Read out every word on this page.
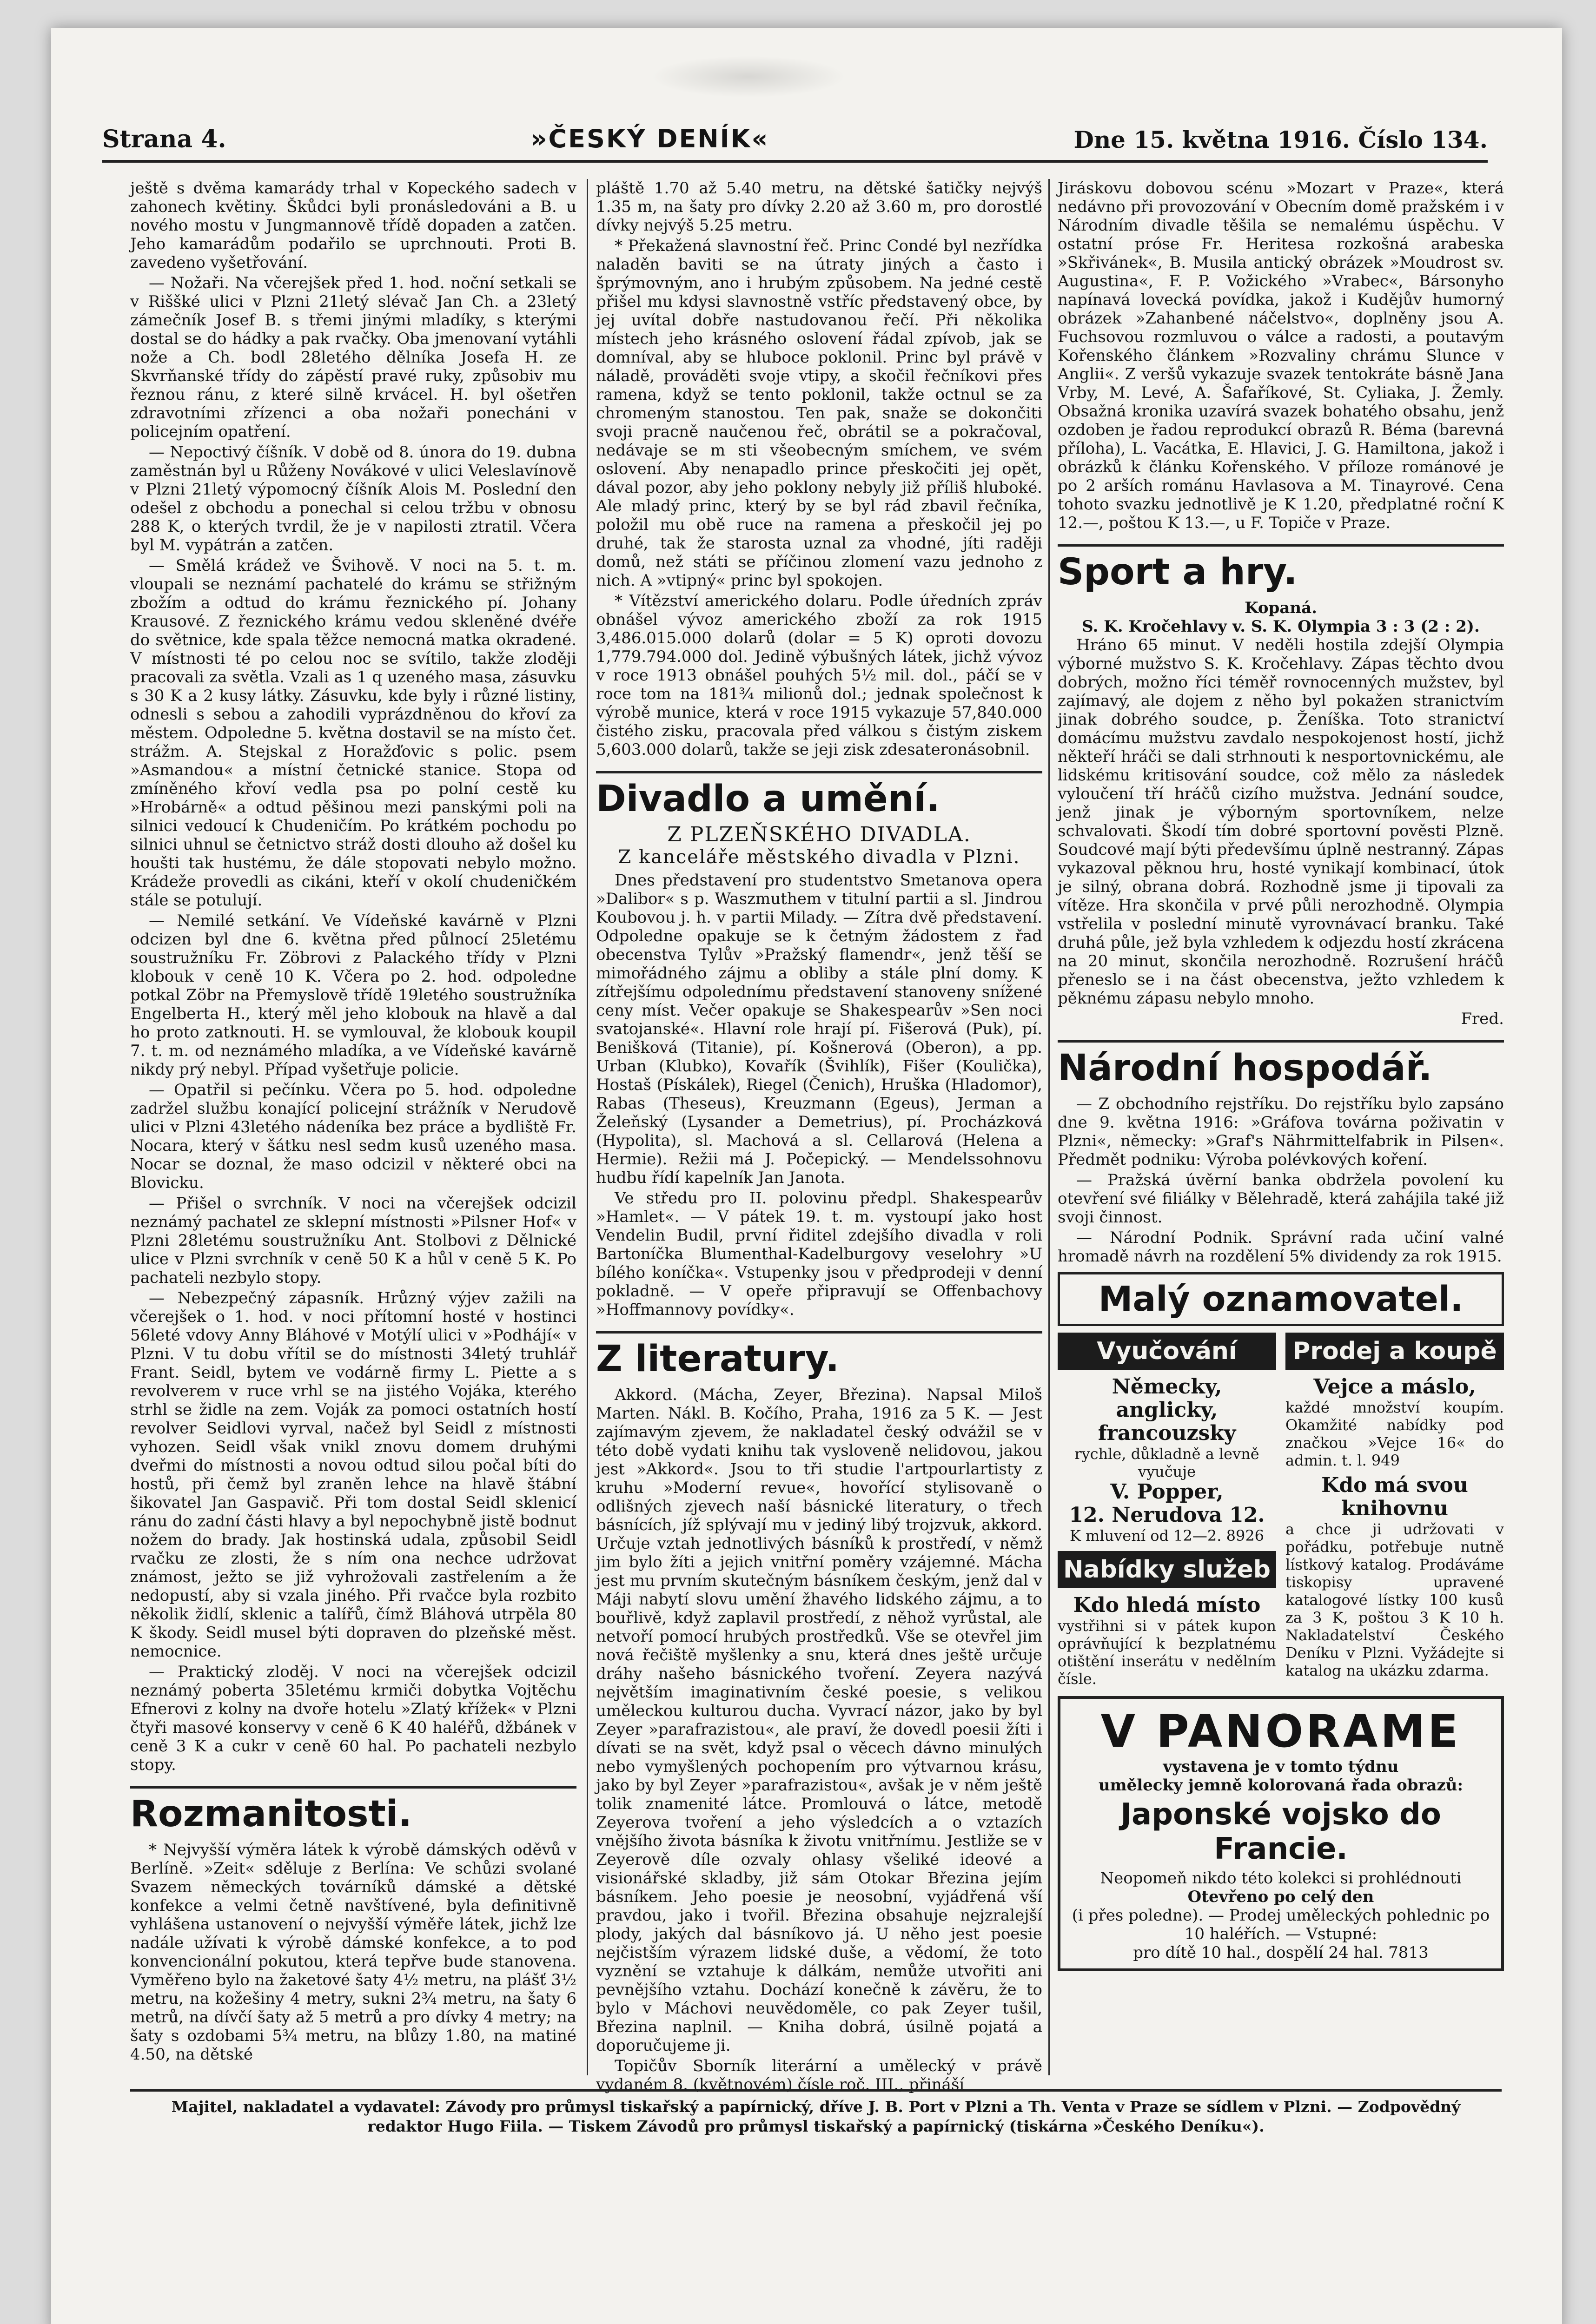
Strana 4.	»ČESKÝ DENÍK«	Dne 15. května 1916. Číslo 134.

ještě s dvěma kamarády trhal v Kopeckého sadech v zahonech květiny. Škůdci byli pronásledováni a B. u nového mostu v Jungmannově třídě dopaden a zatčen. Jeho kamarádům podařilo se uprchnouti. Proti B. zavedeno vyšetřování.

— Nožaři. Na včerejšek před 1. hod. noční setkali se v Riššké ulici v Plzni 21letý slévač Jan Ch. a 23letý zámečník Josef B. s třemi jinými mladíky, s kterými dostal se do hádky a pak rvačky. Oba jmenovaní vytáhli nože a Ch. bodl 28letého dělníka Josefa H. ze Skvrňanské třídy do zápěstí pravé ruky, způsobiv mu řeznou ránu, z které silně krvácel. H. byl ošetřen zdravotními zřízenci a oba nožaři ponecháni v policejním opatření.

— Nepoctivý číšník. V době od 8. února do 19. dubna zaměstnán byl u Růženy Novákové v ulici Veleslavínově v Plzni 21letý výpomocný číšník Alois M. Poslední den odešel z obchodu a ponechal si celou tržbu v obnosu 288 K, o kterých tvrdil, že je v napilosti ztratil. Včera byl M. vypátrán a zatčen.

— Smělá krádež ve Švihově. V noci na 5. t. m. vloupali se neznámí pachatelé do krámu se střižným zbožím a odtud do krámu řeznického pí. Johany Krausové. Z řeznického krámu vedou skleněné dvéře do světnice, kde spala těžce nemocná matka okradené. V místnosti té po celou noc se svítilo, takže zloději pracovali za světla. Vzali as 1 q uzeného masa, zásuvku s 30 K a 2 kusy látky. Zásuvku, kde byly i různé listiny, odnesli s sebou a zahodili vyprázdněnou do křoví za městem. Odpoledne 5. května dostavil se na místo čet. strážm. A. Stejskal z Horažďovic s polic. psem »Asmandou« a místní četnické stanice. Stopa od zmíněného křoví vedla psa po polní cestě ku »Hrobárně« a odtud pěšinou mezi panskými poli na silnici vedoucí k Chudeničím. Po krátkém pochodu po silnici uhnul se četnictvo stráž dosti dlouho až došel ku houšti tak hustému, že dále stopovati nebylo možno. Krádeže provedli as cikáni, kteří v okolí chudeničkém stále se potulují.

— Nemilé setkání. Ve Vídeňské kavárně v Plzni odcizen byl dne 6. května před půlnocí 25letému soustružníku Fr. Zöbrovi z Palackého třídy v Plzni klobouk v ceně 10 K. Včera po 2. hod. odpoledne potkal Zöbr na Přemyslově třídě 19letého soustružníka Engelberta H., který měl jeho klobouk na hlavě a dal ho proto zatknouti. H. se vymlouval, že klobouk koupil 7. t. m. od neznámého mladíka, a ve Vídeňské kavárně nikdy prý nebyl. Případ vyšetřuje policie.

— Opatřil si pečínku. Včera po 5. hod. odpoledne zadržel službu konající policejní strážník v Nerudově ulici v Plzni 43letého nádeníka bez práce a bydliště Fr. Nocara, který v šátku nesl sedm kusů uzeného masa. Nocar se doznal, že maso odcizil v některé obci na Blovicku.

— Přišel o svrchník. V noci na včerejšek odcizil neznámý pachatel ze sklepní místnosti »Pilsner Hof« v Plzni 28letému soustružníku Ant. Stolbovi z Dělnické ulice v Plzni svrchník v ceně 50 K a hůl v ceně 5 K. Po pachateli nezbylo stopy.

— Nebezpečný zápasník. Hrůzný výjev zažili na včerejšek o 1. hod. v noci přítomní hosté v hostinci 56leté vdovy Anny Bláhové v Motýlí ulici v »Podhájí« v Plzni. V tu dobu vřítil se do místnosti 34letý truhlář Frant. Seidl, bytem ve vodárně firmy L. Piette a s revolverem v ruce vrhl se na jistého Vojáka, kterého strhl se židle na zem. Voják za pomoci ostatních hostí revolver Seidlovi vyrval, načež byl Seidl z místnosti vyhozen. Seidl však vnikl znovu domem druhými dveřmi do místnosti a novou odtud silou počal bíti do hostů, při čemž byl zraněn lehce na hlavě štábní šikovatel Jan Gaspavič. Při tom dostal Seidl sklenicí ránu do zadní části hlavy a byl nepochybně jistě bodnut nožem do brady. Jak hostinská udala, způsobil Seidl rvačku ze zlosti, že s ním ona nechce udržovat známost, ježto se již vyhrožovali zastřelením a že nedopustí, aby si vzala jiného. Při rvačce byla rozbito několik židlí, sklenic a talířů, čímž Bláhová utrpěla 80 K škody. Seidl musel býti dopraven do plzeňské měst. nemocnice.

— Praktický zloděj. V noci na včerejšek odcizil neznámý poberta 35letému krmiči dobytka Vojtěchu Efnerovi z kolny na dvoře hotelu »Zlatý křížek« v Plzni čtyři masové konservy v ceně 6 K 40 haléřů, džbánek v ceně 3 K a cukr v ceně 60 hal. Po pachateli nezbylo stopy.

Rozmanitosti.

* Nejvyšší výměra látek k výrobě dámských oděvů v Berlíně. »Zeit« sděluje z Berlína: Ve schůzi svolané Svazem německých továrníků dámské a dětské konfekce a velmi četně navštívené, byla definitivně vyhlášena ustanovení o nejvyšší výměře látek, jichž lze nadále užívati k výrobě dámské konfekce, a to pod konvencionální pokutou, která tepřve bude stanovena. Vyměřeno bylo na žaketové šaty 4½ metru, na plášť 3½ metru, na kožešiny 4 metry, sukni 2¾ metru, na šaty 6 metrů, na dívčí šaty až 5 metrů a pro dívky 4 metry; na šaty s ozdobami 5¾ metru, na blůzy 1.80, na matiné 4.50, na dětské

pláště 1.70 až 5.40 metru, na dětské šatičky nejvýš 1.35 m, na šaty pro dívky 2.20 až 3.60 m, pro dorostlé dívky nejvýš 5.25 metru.

* Překažená slavnostní řeč. Princ Condé byl nezřídka naladěn baviti se na útraty jiných a často i šprýmovným, ano i hrubým způsobem. Na jedné cestě přišel mu kdysi slavnostně vstříc představený obce, by jej uvítal dobře nastudovanou řečí. Při několika místech jeho krásného oslovení řádal zpívob, jak se domníval, aby se hluboce poklonil. Princ byl právě v náladě, prováděti svoje vtipy, a skočil řečníkovi přes ramena, když se tento poklonil, takže octnul se za chromeným stanostou. Ten pak, snaže se dokončiti svoji pracně naučenou řeč, obrátil se a pokračoval, nedávaje se m sti všeobecným smíchem, ve svém oslovení. Aby nenapadlo prince přeskočiti jej opět, dával pozor, aby jeho poklony nebyly již příliš hluboké. Ale mladý princ, který by se byl rád zbavil řečníka, položil mu obě ruce na ramena a přeskočil jej po druhé, tak že starosta uznal za vhodné, jíti raději domů, než státi se příčinou zlomení vazu jednoho z nich. A »vtipný« princ byl spokojen.

* Vítězství amerického dolaru. Podle úředních zpráv obnášel vývoz amerického zboží za rok 1915 3,486.015.000 dolarů (dolar = 5 K) oproti dovozu 1,779.794.000 dol. Jedině výbušných látek, jichž vývoz v roce 1913 obnášel pouhých 5½ mil. dol., páčí se v roce tom na 181¾ milionů dol.; jednak společnost k výrobě munice, která v roce 1915 vykazuje 57,840.000 čistého zisku, pracovala před válkou s čistým ziskem 5,603.000 dolarů, takže se jeji zisk zdesateronásobnil.

Divadlo a umění.
Z PLZEŇSKÉHO DIVADLA.
Z kanceláře městského divadla v Plzni.

Dnes představení pro studentstvo Smetanova opera »Dalibor« s p. Waszmuthem v titulní partii a sl. Jindrou Koubovou j. h. v partii Milady. — Zítra dvě představení. Odpoledne opakuje se k četným žádostem z řad obecenstva Tylův »Pražský flamendr«, jenž těší se mimořádného zájmu a obliby a stále plní domy. K zítřejšímu odpolednímu představení stanoveny snížené ceny míst. Večer opakuje se Shakespearův »Sen noci svatojanské«. Hlavní role hrají pí. Fišerová (Puk), pí. Benišková (Titanie), pí. Košnerová (Oberon), a pp. Urban (Klubko), Kovařík (Švihlík), Fišer (Koulička), Hostaš (Pískálek), Riegel (Čenich), Hruška (Hladomor), Rabas (Theseus), Kreuzmann (Egeus), Jerman a Želeňský (Lysander a Demetrius), pí. Procházková (Hypolita), sl. Machová a sl. Cellarová (Helena a Hermie). Režii má J. Počepický. — Mendelssohnovu hudbu řídí kapelník Jan Janota.

Ve středu pro II. polovinu předpl. Shakespearův »Hamlet«. — V pátek 19. t. m. vystoupí jako host Vendelin Budil, první řiditel zdejšího divadla v roli Bartoníčka Blumenthal-Kadelburgovy veselohry »U bílého koníčka«. Vstupenky jsou v předprodeji v denní pokladně. — V opeře připravují se Offenbachovy »Hoffmannovy povídky«.

Z literatury.

Akkord. (Mácha, Zeyer, Březina). Napsal Miloš Marten. Nákl. B. Kočího, Praha, 1916 za 5 K. — Jest zajímavým zjevem, že nakladatel český odvážil se v této době vydati knihu tak vysloveně nelidovou, jakou jest »Akkord«. Jsou to tři studie l'artpourlartisty z kruhu »Moderní revue«, hovořící stylisovaně o odlišných zjevech naší básnické literatury, o třech básnících, jíž splývají mu v jediný libý trojzvuk, akkord. Určuje vztah jednotlivých básníků k prostředí, v němž jim bylo žíti a jejich vnitřní poměry vzájemné. Mácha jest mu prvním skutečným básníkem českým, jenž dal v Máji nabytí slovu umění žhavého lidského zájmu, a to bouřlivě, když zaplavil prostředí, z něhož vyrůstal, ale netvoří pomocí hrubých prostředků. Vše se otevřel jim nová řečiště myšlenky a snu, která dnes ještě určuje dráhy našeho básnického tvoření. Zeyera nazývá největším imaginativním české poesie, s velikou uměleckou kulturou ducha. Vyvrací názor, jako by byl Zeyer »parafrazistou«, ale praví, že dovedl poesii žíti i dívati se na svět, když psal o věcech dávno minulých nebo vymyšlených pochopením pro výtvarnou krásu, jako by byl Zeyer »parafrazistou«, avšak je v něm ještě tolik znamenité látce. Promlouvá o látce, metodě Zeyerova tvoření a jeho výsledcích a o vztazích vnějšího života básníka k životu vnitřnímu. Jestliže se v Zeyerově díle ozvaly ohlasy všeliké ideové a visionářské skladby, již sám Otokar Březina jejím básníkem. Jeho poesie je neosobní, vyjádřená vší pravdou, jako i tvořil. Březina obsahuje nejzralejší plody, jakých dal básníkovo já. U něho jest poesie nejčistším výrazem lidské duše, a vědomí, že toto vyznění se vztahuje k dálkám, nemůže utvořiti ani pevnějšího vztahu. Dochází konečně k závěru, že to bylo v Máchovi neuvědoměle, co pak Zeyer tušil, Březina naplnil. — Kniha dobrá, úsilně pojatá a doporučujeme ji.

Topičův Sborník literární a umělecký v právě vydaném 8. (květnovém) čísle roč. III., přináší

Jiráskovu dobovou scénu »Mozart v Praze«, která nedávno při provozování v Obecním domě pražském i v Národním divadle těšila se nemalému úspěchu. V ostatní próse Fr. Heritesa rozkošná arabeska »Skřivánek«, B. Musila antický obrázek »Moudrost sv. Augustina«, F. P. Vožického »Vrabec«, Bársonyho napínavá lovecká povídka, jakož i Kudějův humorný obrázek »Zahanbené náčelstvo«, doplněny jsou A. Fuchsovou rozmluvou o válce a radosti, a poutavým Kořenského článkem »Rozvaliny chrámu Slunce v Anglii«. Z veršů vykazuje svazek tentokráte básně Jana Vrby, M. Levé, A. Šafaříkové, St. Cyliaka, J. Žemly. Obsažná kronika uzavírá svazek bohatého obsahu, jenž ozdoben je řadou reprodukcí obrazů R. Béma (barevná příloha), L. Vacátka, E. Hlavici, J. G. Hamiltona, jakož i obrázků k článku Kořenského. V příloze románové je po 2 arších románu Havlasova a M. Tinayrové. Cena tohoto svazku jednotlivě je K 1.20, předplatné roční K 12.—, poštou K 13.—, u F. Topiče v Praze.

Sport a hry.
Kopaná.
S. K. Kročehlavy v. S. K. Olympia 3 : 3 (2 : 2).

Hráno 65 minut. V neděli hostila zdejší Olympia výborné mužstvo S. K. Kročehlavy. Zápas těchto dvou dobrých, možno říci téměř rovnocenných mužstev, byl zajímavý, ale dojem z něho byl pokažen stranictvím jinak dobrého soudce, p. Ženíška. Toto stranictví domácímu mužstvu zavdalo nespokojenost hostí, jichž někteří hráči se dali strhnouti k nesportovnickému, ale lidskému kritisování soudce, což mělo za následek vyloučení tří hráčů cizího mužstva. Jednání soudce, jenž jinak je výborným sportovníkem, nelze schvalovati. Škodí tím dobré sportovní pověsti Plzně. Soudcové mají býti předevšímu úplně nestranný. Zápas vykazoval pěknou hru, hosté vynikají kombinací, útok je silný, obrana dobrá. Rozhodně jsme ji tipovali za vítěze. Hra skončila v prvé půli nerozhodně. Olympia vstřelila v poslední minutě vyrovnávací branku. Také druhá půle, jež byla vzhledem k odjezdu hostí zkrácena na 20 minut, skončila nerozhodně. Rozrušení hráčů přeneslo se i na část obecenstva, ježto vzhledem k pěknému zápasu nebylo mnoho.

Fred.
Národní hospodář.

— Z obchodního rejstříku. Do rejstříku bylo zapsáno dne 9. května 1916: »Gráfova továrna poživatin v Plzni«, německy: »Graf's Nährmittelfabrik in Pilsen«. Předmět podniku: Výroba polévkových koření.

— Pražská úvěrní banka obdržela povolení ku otevření své filiálky v Bělehradě, která zahájila také již svoji činnost.

— Národní Podnik. Správní rada učiní valné hromadě návrh na rozdělení 5% dividendy za rok 1915.

Malý oznamovatel.
Vyučování
Německy, anglicky, francouzsky
rychle, důkladně a levně vyučuje
V. Popper,
12. Nerudova 12.
K mluvení od 12—2. 8926
Nabídky služeb
Kdo hledá místo
vystřihni si v pátek kupon oprávňující k bezplatnému otištění inserátu v nedělním čísle.
Prodej a koupě
Vejce a máslo,
každé množství koupím. Okamžité nabídky pod značkou »Vejce 16« do admin. t. l. 949
Kdo má svou knihovnu
a chce ji udržovati v pořádku, potřebuje nutně lístkový katalog. Prodáváme tiskopisy upravené katalogové lístky 100 kusů za 3 K, poštou 3 K 10 h. Nakladatelství Českého Deníku v Plzni. Vyžádejte si katalog na ukázku zdarma.
V PANORAME
vystavena je v tomto týdnu
umělecky jemně kolorovaná řada obrazů:
Japonské vojsko do Francie.
Neopomeň nikdo této kolekci si prohlédnouti
Otevřeno po celý den
(i přes poledne). — Prodej uměleckých pohlednic po 10 haléřích. — Vstupné:
pro dítě 10 hal., dospělí 24 hal. 7813
Majitel, nakladatel a vydavatel: Závody pro průmysl tiskařský a papírnický, dříve J. B. Port v Plzni a Th. Venta v Praze se sídlem v Plzni. — Zodpovědný
redaktor Hugo Fiila. — Tiskem Závodů pro průmysl tiskařský a papírnický (tiskárna »Českého Deníku«).
